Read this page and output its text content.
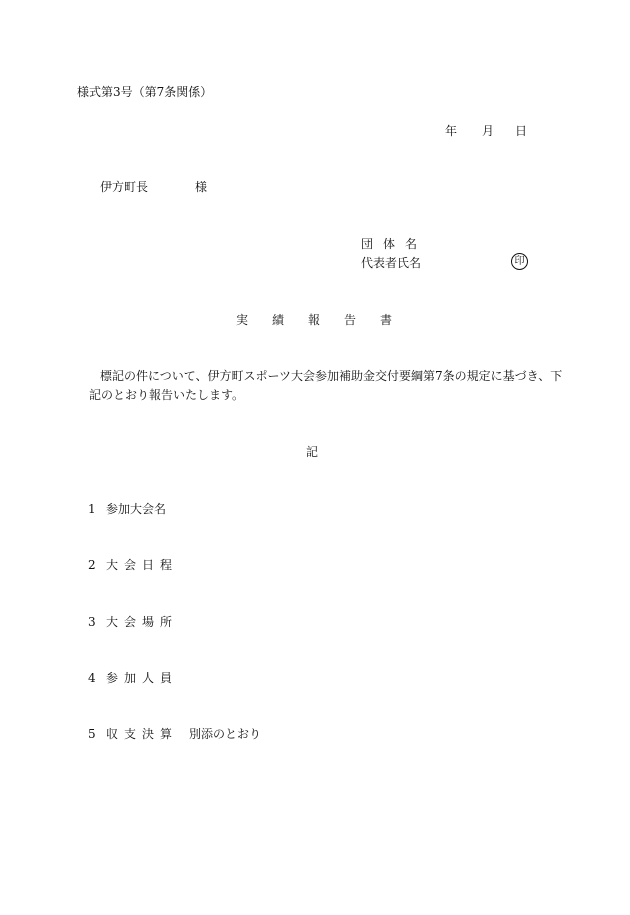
様式第3号（第7条関係）
年 月 日
伊方町長	様
団体名
代表者氏名	印
実績報告書
標記の件について、伊方町スポーツ大会参加補助金交付要綱第7条の規定に基づき、下
記のとおり報告いたします。
記
1 参加大会名
2 大会日程
3 大会場所
4 参加人員
5 収支決算 別添のとおり
